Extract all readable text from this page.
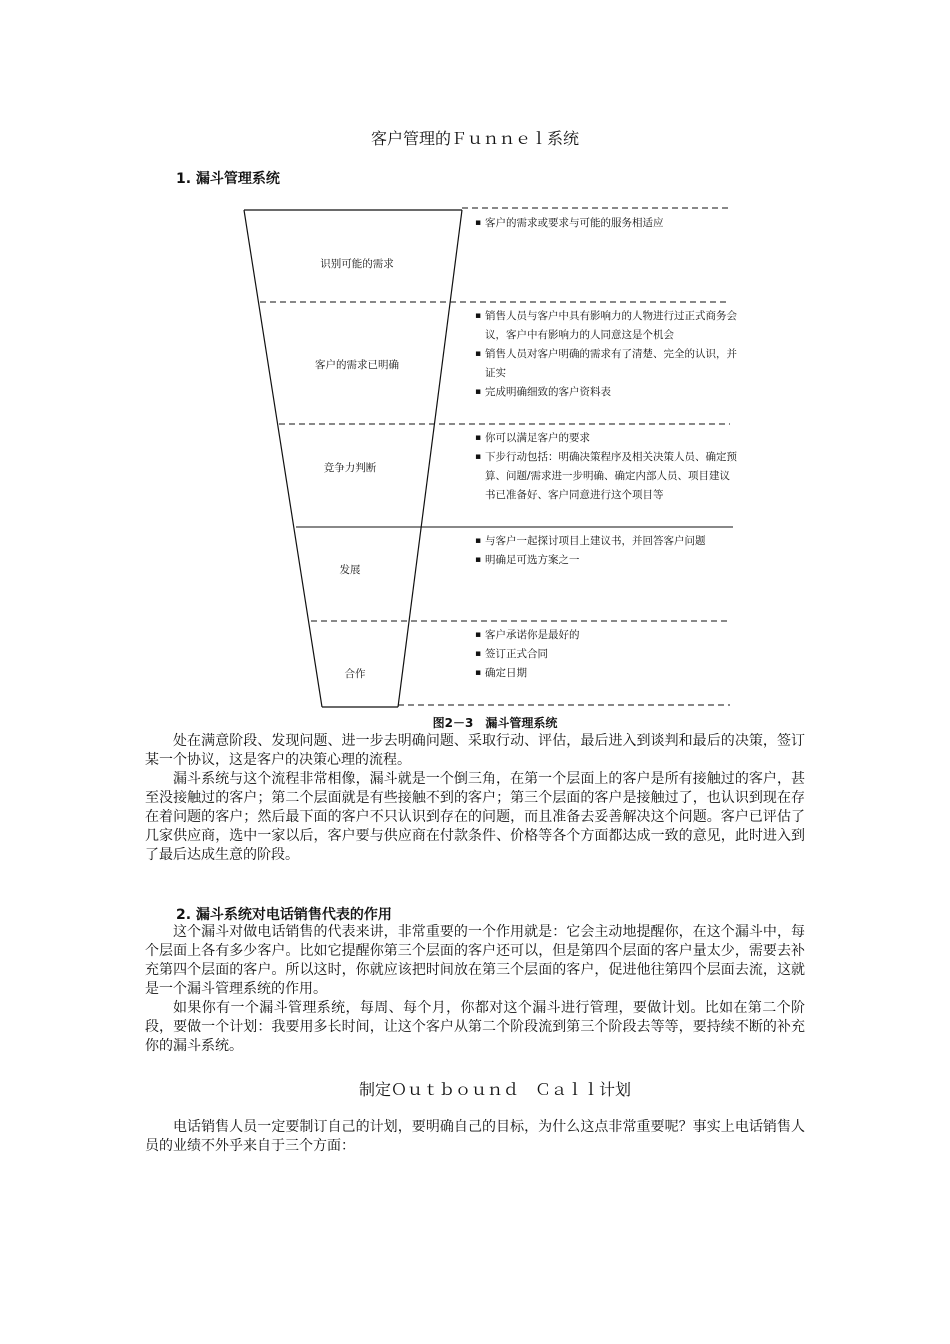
客户管理的Ｆｕｎｎｅｌ系统
1. 漏斗管理系统
识别可能的需求
客户的需求已明确
竞争力判断
发展
合作
▪ 客户的需求或要求与可能的服务相适应
▪ 销售人员与客户中具有影响力的人物进行过正式商务会议，客户中有影响力的人同意这是个机会
▪ 销售人员对客户明确的需求有了清楚、完全的认识，并证实
▪ 完成明确细致的客户资料表
▪ 你可以满足客户的要求
▪ 下步行动包括：明确决策程序及相关决策人员、确定预算、问题/需求进一步明确、确定内部人员、项目建议书已准备好、客户同意进行这个项目等
▪ 与客户一起探讨项目上建议书，并回答客户问题
▪ 明确足可选方案之一
▪ 客户承诺你是最好的
▪ 签订正式合同
▪ 确定日期
图2－3　漏斗管理系统

处在满意阶段、发现问题、进一步去明确问题、采取行动、评估，最后进入到谈判和最后的决策，签订某一个协议，这是客户的决策心理的流程。

漏斗系统与这个流程非常相像，漏斗就是一个倒三角，在第一个层面上的客户是所有接触过的客户，甚至没接触过的客户；第二个层面就是有些接触不到的客户；第三个层面的客户是接触过了，也认识到现在存在着问题的客户；然后最下面的客户不只认识到存在的问题，而且准备去妥善解决这个问题。客户已评估了几家供应商，选中一家以后，客户要与供应商在付款条件、价格等各个方面都达成一致的意见，此时进入到了最后达成生意的阶段。

2. 漏斗系统对电话销售代表的作用

这个漏斗对做电话销售的代表来讲，非常重要的一个作用就是：它会主动地提醒你，在这个漏斗中，每个层面上各有多少客户。比如它提醒你第三个层面的客户还可以，但是第四个层面的客户量太少，需要去补充第四个层面的客户。所以这时，你就应该把时间放在第三个层面的客户，促进他往第四个层面去流，这就是一个漏斗管理系统的作用。

如果你有一个漏斗管理系统，每周、每个月，你都对这个漏斗进行管理，要做计划。比如在第二个阶段，要做一个计划：我要用多长时间，让这个客户从第二个阶段流到第三个阶段去等等，要持续不断的补充你的漏斗系统。

制定Ｏｕｔｂｏｕｎｄ　Ｃａｌｌ计划

电话销售人员一定要制订自己的计划，要明确自己的目标，为什么这点非常重要呢？事实上电话销售人员的业绩不外乎来自于三个方面：
